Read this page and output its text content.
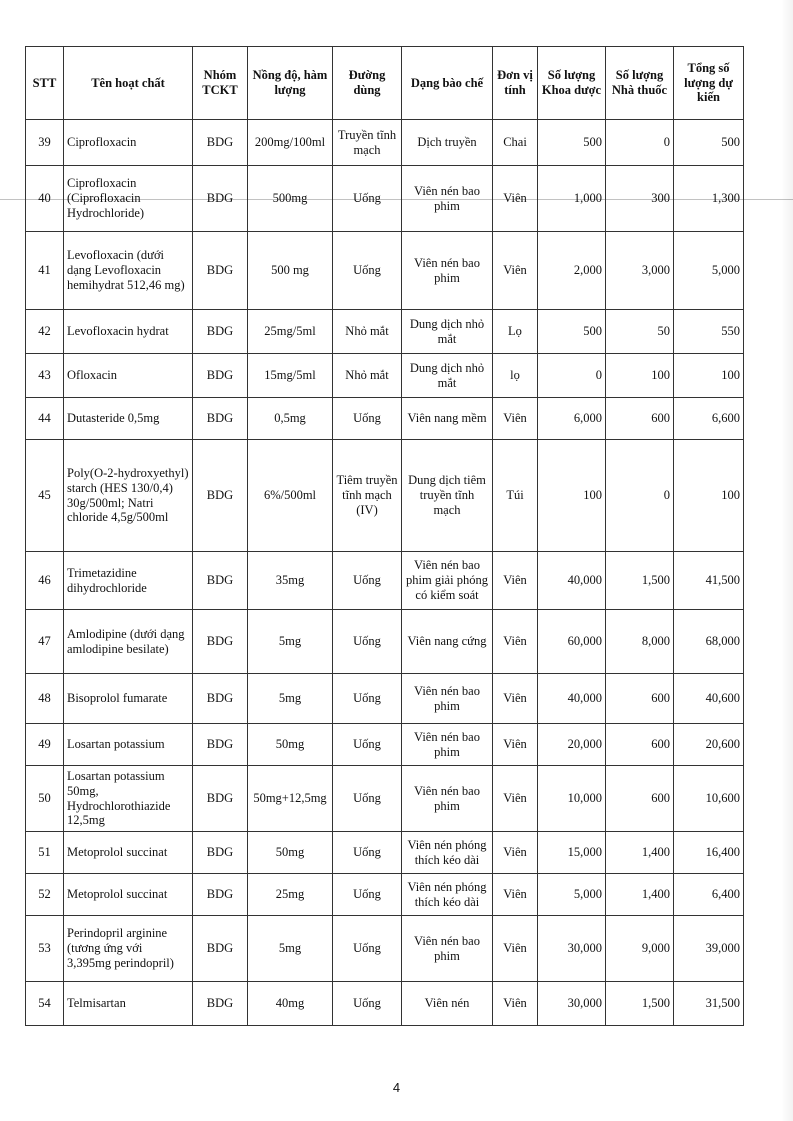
STT	Tên hoạt chất	Nhóm TCKT	Nồng độ, hàm lượng	Đường dùng	Dạng bào chế	Đơn vị tính	Số lượng Khoa dược	Số lượng Nhà thuốc	Tổng số lượng dự kiến
39	Ciprofloxacin	BDG	200mg/100ml	Truyền tĩnh mạch	Dịch truyền	Chai	500	0	500
40	Ciprofloxacin (Ciprofloxacin Hydrochloride)	BDG	500mg	Uống	Viên nén bao phim	Viên	1,000	300	1,300
41	Levofloxacin (dưới dạng Levofloxacin hemihydrat 512,46 mg)	BDG	500 mg	Uống	Viên nén bao phim	Viên	2,000	3,000	5,000
42	Levofloxacin hydrat	BDG	25mg/5ml	Nhỏ mắt	Dung dịch nhỏ mắt	Lọ	500	50	550
43	Ofloxacin	BDG	15mg/5ml	Nhỏ mắt	Dung dịch nhỏ mắt	lọ	0	100	100
44	Dutasteride 0,5mg	BDG	0,5mg	Uống	Viên nang mềm	Viên	6,000	600	6,600
45	Poly(O-2-hydroxyethyl) starch (HES 130/0,4) 30g/500ml; Natri chloride 4,5g/500ml	BDG	6%/500ml	Tiêm truyền tĩnh mạch (IV)	Dung dịch tiêm truyền tĩnh mạch	Túi	100	0	100
46	Trimetazidine dihydrochloride	BDG	35mg	Uống	Viên nén bao phim giải phóng có kiểm soát	Viên	40,000	1,500	41,500
47	Amlodipine (dưới dạng amlodipine besilate)	BDG	5mg	Uống	Viên nang cứng	Viên	60,000	8,000	68,000
48	Bisoprolol fumarate	BDG	5mg	Uống	Viên nén bao phim	Viên	40,000	600	40,600
49	Losartan potassium	BDG	50mg	Uống	Viên nén bao phim	Viên	20,000	600	20,600
50	Losartan potassium 50mg, Hydrochlorothiazide 12,5mg	BDG	50mg+12,5mg	Uống	Viên nén bao phim	Viên	10,000	600	10,600
51	Metoprolol succinat	BDG	50mg	Uống	Viên nén phóng thích kéo dài	Viên	15,000	1,400	16,400
52	Metoprolol succinat	BDG	25mg	Uống	Viên nén phóng thích kéo dài	Viên	5,000	1,400	6,400
53	Perindopril arginine (tương ứng với 3,395mg perindopril)	BDG	5mg	Uống	Viên nén bao phim	Viên	30,000	9,000	39,000
54	Telmisartan	BDG	40mg	Uống	Viên nén	Viên	30,000	1,500	31,500
4
